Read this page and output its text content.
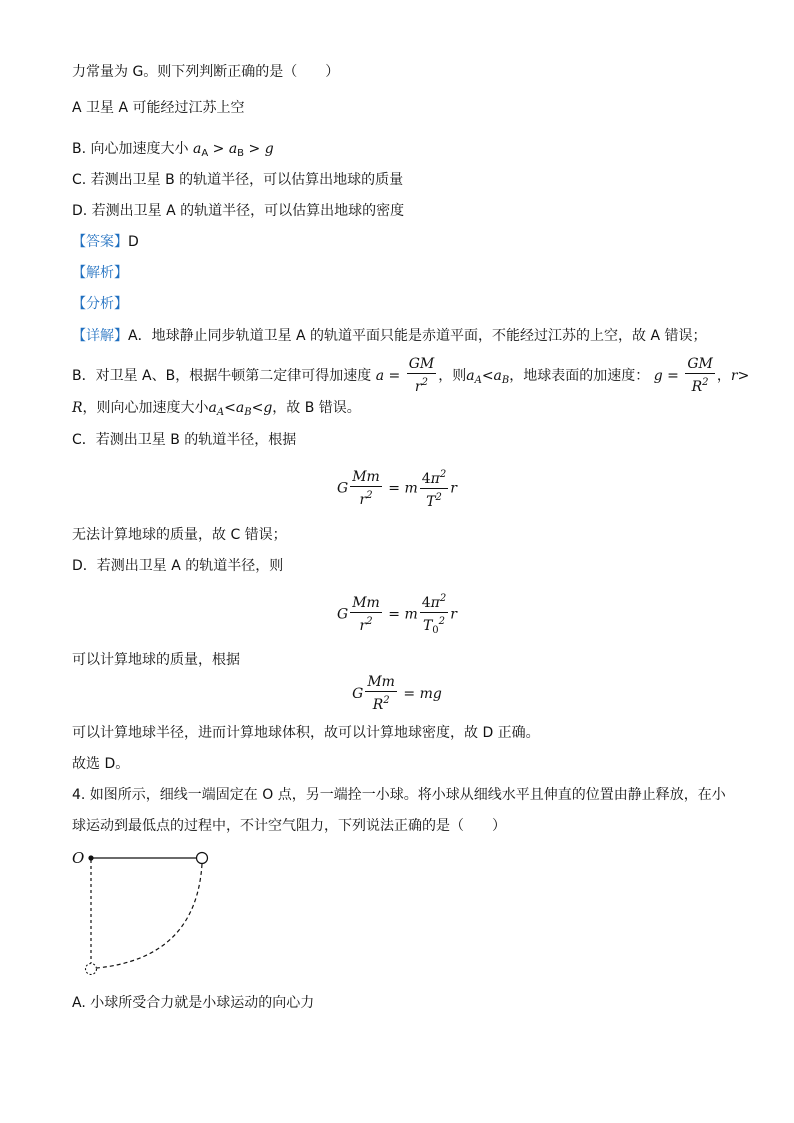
力常量为 G。则下列判断正确的是（　　）
A 卫星 A 可能经过江苏上空
B. 向心加速度大小 $a_A > a_B > g$
C. 若测出卫星 B 的轨道半径，可以估算出地球的质量
D. 若测出卫星 A 的轨道半径，可以估算出地球的密度
【答案】D
【解析】
【分析】
【详解】A．地球静止同步轨道卫星 A 的轨道平面只能是赤道平面，不能经过江苏的上空，故 A 错误；
B．对卫星 A、B，根据牛顿第二定律可得加速度 $a = \frac{GM}{r^2}$ ，则$a_A<a_B$，地球表面的加速度： $g = \frac{GM}{R^2}$ ，r>
R，则向心加速度大小$a_A<a_B<g$，故 B 错误。
C．若测出卫星 B 的轨道半径，根据
G $\frac{Mm}{r^2} = m \frac{4\pi^2}{T^2}$ r
无法计算地球的质量，故 C 错误；
D．若测出卫星 A 的轨道半径，则
G $\frac{Mm}{r^2} = m \frac{4\pi^2}{T_0^2}$ r
可以计算地球的质量，根据
G $\frac{Mm}{R^2}$ = mg
可以计算地球半径，进而计算地球体积，故可以计算地球密度，故 D 正确。
故选 D。
4. 如图所示，细线一端固定在 O 点，另一端拴一小球。将小球从细线水平且伸直的位置由静止释放，在小
球运动到最低点的过程中，不计空气阻力，下列说法正确的是（　　）
O
A. 小球所受合力就是小球运动的向心力
